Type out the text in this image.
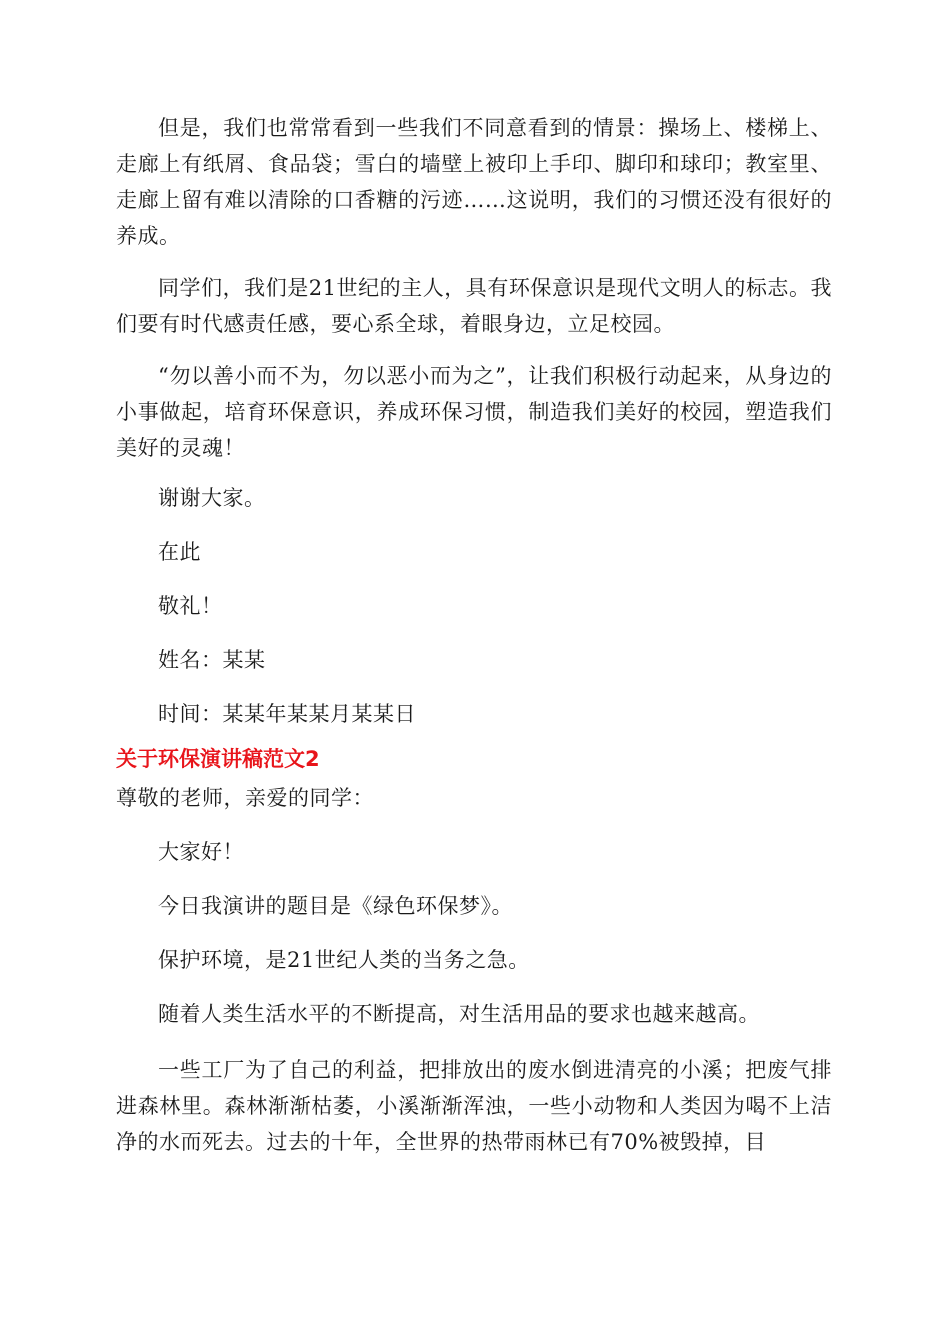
但是，我们也常常看到一些我们不同意看到的情景：操场上、楼梯上、走廊上有纸屑、食品袋；雪白的墙壁上被印上手印、脚印和球印；教室里、走廊上留有难以清除的口香糖的污迹……这说明，我们的习惯还没有很好的养成。

同学们，我们是21世纪的主人，具有环保意识是现代文明人的标志。我们要有时代感责任感，要心系全球，着眼身边，立足校园。

“勿以善小而不为，勿以恶小而为之”，让我们积极行动起来，从身边的小事做起，培育环保意识，养成环保习惯，制造我们美好的校园，塑造我们美好的灵魂！

谢谢大家。

在此

敬礼！

姓名：某某

时间：某某年某某月某某日

关于环保演讲稿范文2

尊敬的老师，亲爱的同学：

大家好！

今日我演讲的题目是《绿色环保梦》。

保护环境，是21世纪人类的当务之急。

随着人类生活水平的不断提高，对生活用品的要求也越来越高。

一些工厂为了自己的利益，把排放出的废水倒进清亮的小溪；把废气排进森林里。森林渐渐枯萎，小溪渐渐浑浊，一些小动物和人类因为喝不上洁净的水而死去。过去的十年，全世界的热带雨林已有70%被毁掉，目
